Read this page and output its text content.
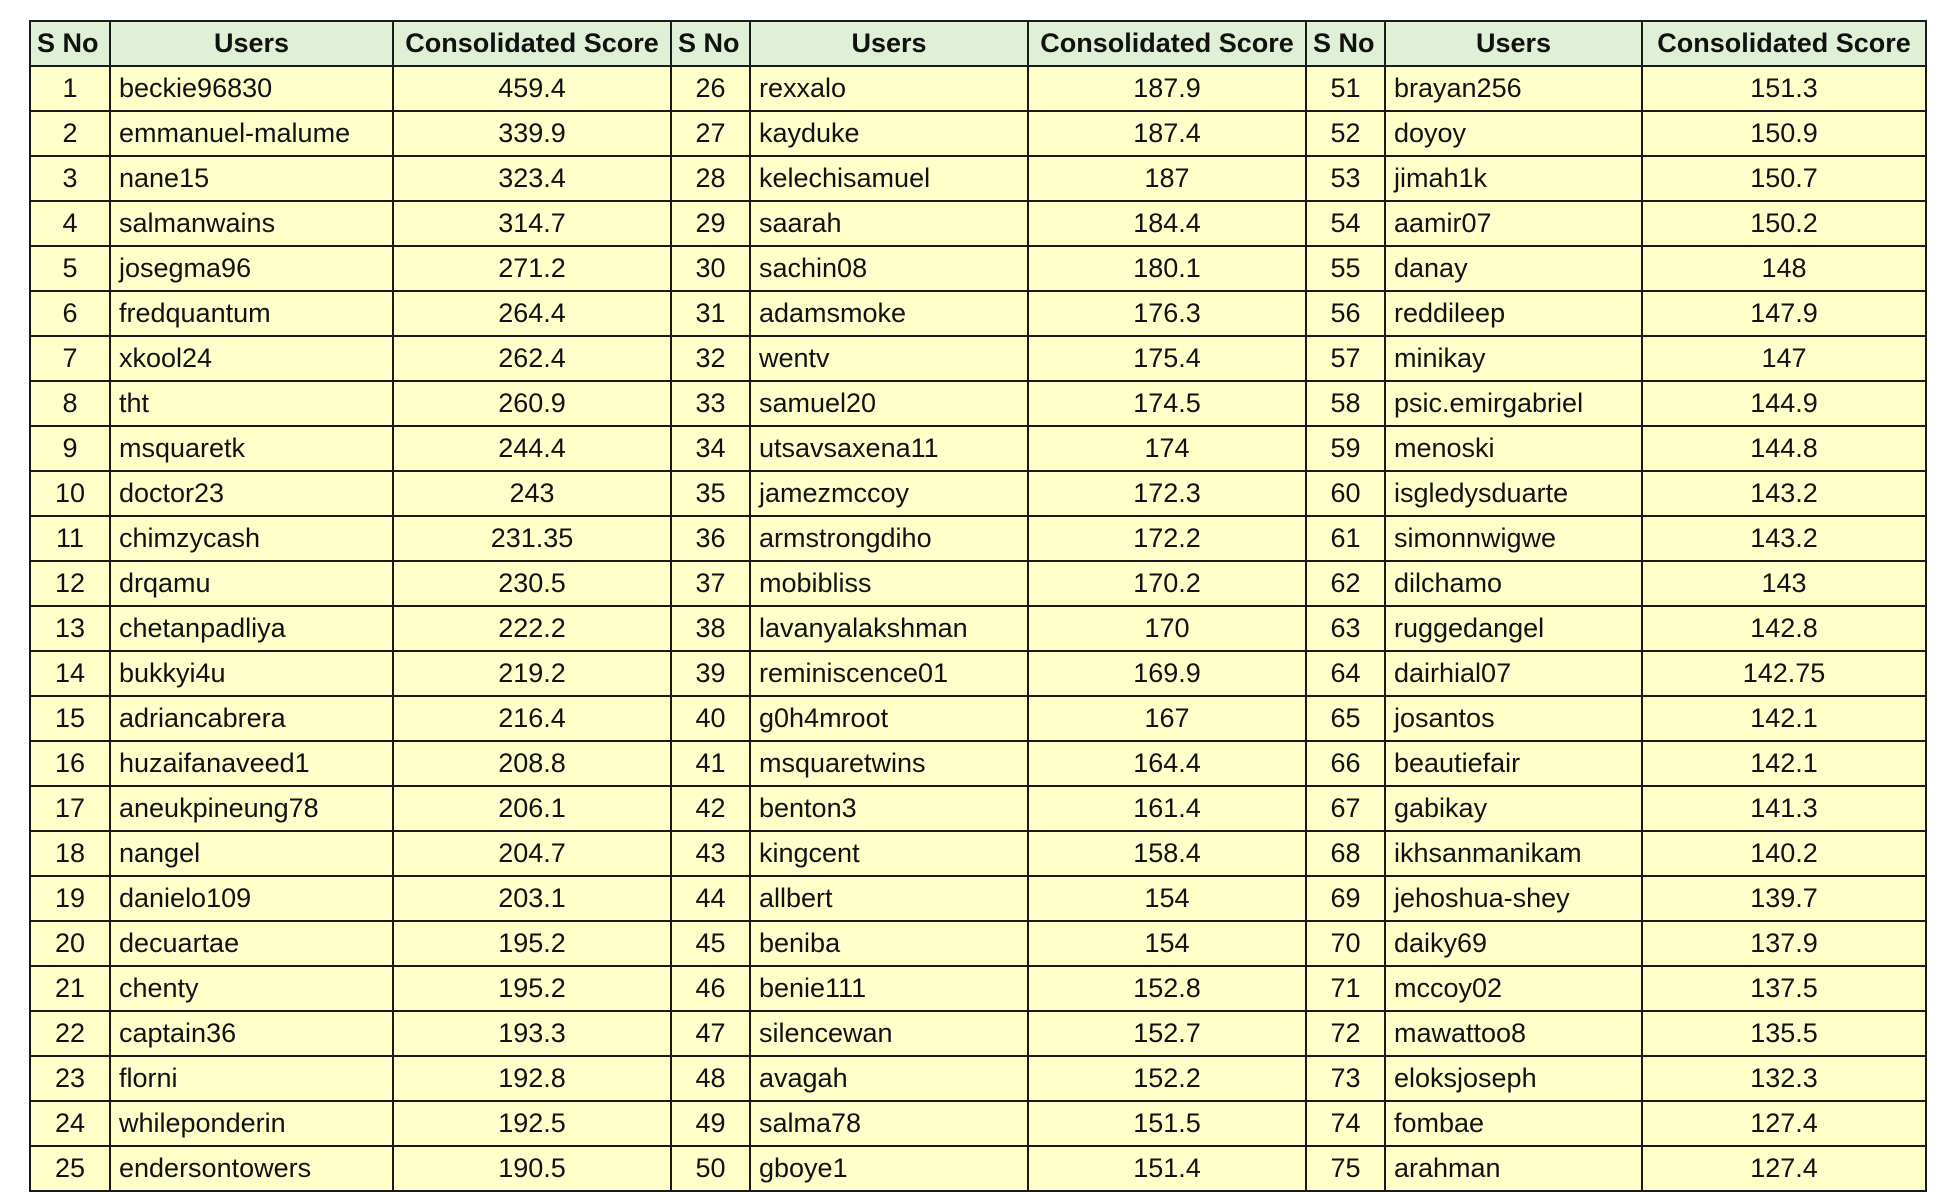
S No	Users	Consolidated Score	S No	Users	Consolidated Score	S No	Users	Consolidated Score
1	beckie96830	459.4	26	rexxalo	187.9	51	brayan256	151.3
2	emmanuel-malume	339.9	27	kayduke	187.4	52	doyoy	150.9
3	nane15	323.4	28	kelechisamuel	187	53	jimah1k	150.7
4	salmanwains	314.7	29	saarah	184.4	54	aamir07	150.2
5	josegma96	271.2	30	sachin08	180.1	55	danay	148
6	fredquantum	264.4	31	adamsmoke	176.3	56	reddileep	147.9
7	xkool24	262.4	32	wentv	175.4	57	minikay	147
8	tht	260.9	33	samuel20	174.5	58	psic.emirgabriel	144.9
9	msquaretk	244.4	34	utsavsaxena11	174	59	menoski	144.8
10	doctor23	243	35	jamezmccoy	172.3	60	isgledysduarte	143.2
11	chimzycash	231.35	36	armstrongdiho	172.2	61	simonnwigwe	143.2
12	drqamu	230.5	37	mobibliss	170.2	62	dilchamo	143
13	chetanpadliya	222.2	38	lavanyalakshman	170	63	ruggedangel	142.8
14	bukkyi4u	219.2	39	reminiscence01	169.9	64	dairhial07	142.75
15	adriancabrera	216.4	40	g0h4mroot	167	65	josantos	142.1
16	huzaifanaveed1	208.8	41	msquaretwins	164.4	66	beautiefair	142.1
17	aneukpineung78	206.1	42	benton3	161.4	67	gabikay	141.3
18	nangel	204.7	43	kingcent	158.4	68	ikhsanmanikam	140.2
19	danielo109	203.1	44	allbert	154	69	jehoshua-shey	139.7
20	decuartae	195.2	45	beniba	154	70	daiky69	137.9
21	chenty	195.2	46	benie111	152.8	71	mccoy02	137.5
22	captain36	193.3	47	silencewan	152.7	72	mawattoo8	135.5
23	florni	192.8	48	avagah	152.2	73	eloksjoseph	132.3
24	whileponderin	192.5	49	salma78	151.5	74	fombae	127.4
25	endersontowers	190.5	50	gboye1	151.4	75	arahman	127.4
